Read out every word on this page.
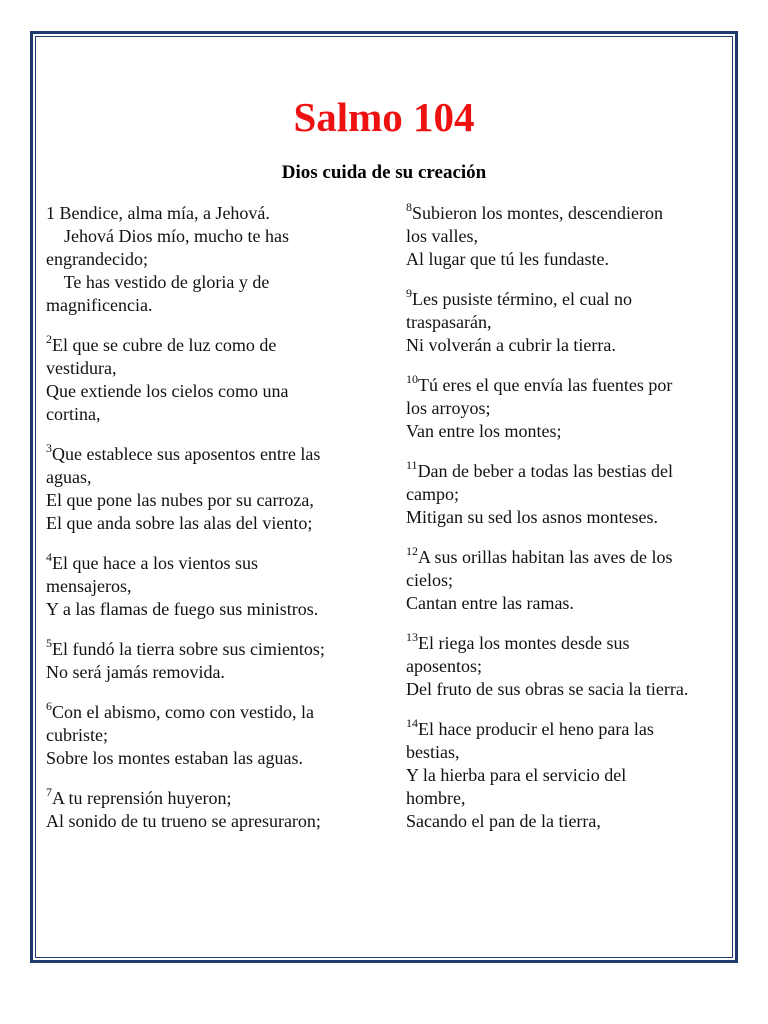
Salmo 104
Dios cuida de su creación
1 Bendice, alma mía, a Jehová.
Jehová Dios mío, mucho te has
engrandecido;
Te has vestido de gloria y de
magnificencia.
$^2$El que se cubre de luz como de
vestidura,
Que extiende los cielos como una
cortina,
$^3$Que establece sus aposentos entre las
aguas,
El que pone las nubes por su carroza,
El que anda sobre las alas del viento;
$^4$El que hace a los vientos sus
mensajeros,
Y a las flamas de fuego sus ministros.
$^5$El fundó la tierra sobre sus cimientos;
No será jamás removida.
$^6$Con el abismo, como con vestido, la
cubriste;
Sobre los montes estaban las aguas.
$^7$A tu reprensión huyeron;
Al sonido de tu trueno se apresuraron;
$^8$Subieron los montes, descendieron
los valles,
Al lugar que tú les fundaste.
$^9$Les pusiste término, el cual no
traspasarán,
Ni volverán a cubrir la tierra.
$^{10}$Tú eres el que envía las fuentes por
los arroyos;
Van entre los montes;
$^{11}$Dan de beber a todas las bestias del
campo;
Mitigan su sed los asnos monteses.
$^{12}$A sus orillas habitan las aves de los
cielos;
Cantan entre las ramas.
$^{13}$El riega los montes desde sus
aposentos;
Del fruto de sus obras se sacia la tierra.
$^{14}$El hace producir el heno para las
bestias,
Y la hierba para el servicio del
hombre,
Sacando el pan de la tierra,
